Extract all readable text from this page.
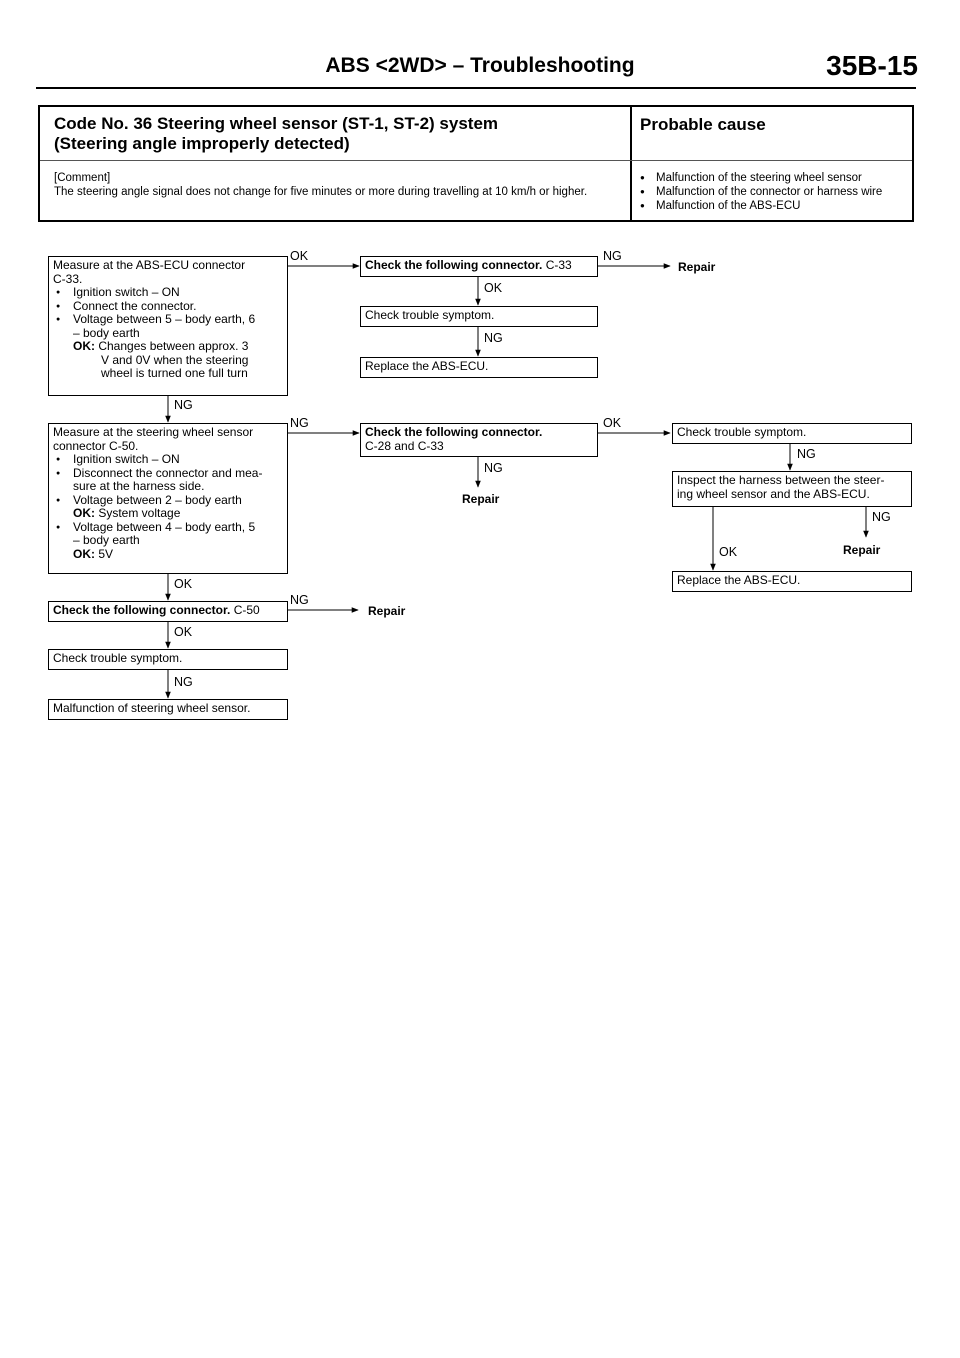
ABS <2WD> – Troubleshooting	35B-15
Code No. 36 Steering wheel sensor (ST-1, ST-2) system
(Steering angle improperly detected)
Probable cause
[Comment]
The steering angle signal does not change for five minutes or more during travelling at 10 km/h or higher.
● Malfunction of the steering wheel sensor
● Malfunction of the connector or harness wire
● Malfunction of the ABS-ECU
Measure at the ABS-ECU connector
C-33.
● Ignition switch – ON
● Connect the connector.
● Voltage between 5 – body earth, 6
– body earth
OK: Changes between approx. 3
V and 0V when the steering
wheel is turned one full turn
Check the following connector. C-33
Check trouble symptom.
Replace the ABS-ECU.
Measure at the steering wheel sensor
connector C-50.
● Ignition switch – ON
● Disconnect the connector and mea-
sure at the harness side.
● Voltage between 2 – body earth
OK: System voltage
● Voltage between 4 – body earth, 5
– body earth
OK: 5V
Check the following connector.
C-28 and C-33
Check trouble symptom.
Inspect the harness between the steer-
ing wheel sensor and the ABS-ECU.
Replace the ABS-ECU.
Check the following connector. C-50
Check trouble symptom.
Malfunction of steering wheel sensor.
OK	NG
Repair
OK
NG
NG
NG	OK
NG
Repair
NG
NG
OK	Repair
OK
NG
Repair
OK
NG
